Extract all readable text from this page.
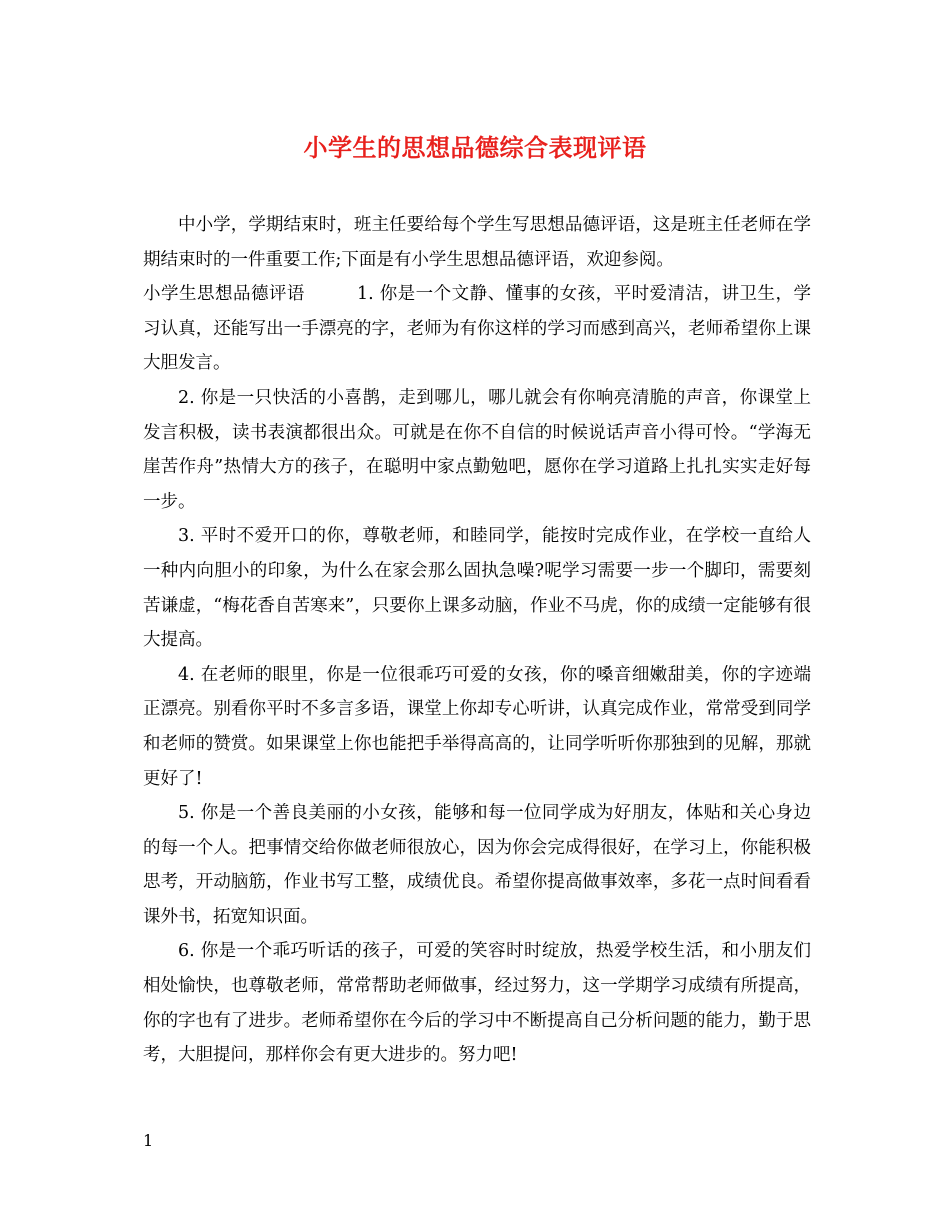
小学生的思想品德综合表现评语

中小学，学期结束时，班主任要给每个学生写思想品德评语，这是班主任老师在学期结束时的一件重要工作;下面是有小学生思想品德评语，欢迎参阅。

小学生思想品德评语	1. 你是一个文静、懂事的女孩，平时爱清洁，讲卫生，学习认真，还能写出一手漂亮的字，老师为有你这样的学习而感到高兴，老师希望你上课大胆发言。

2. 你是一只快活的小喜鹊，走到哪儿，哪儿就会有你响亮清脆的声音，你课堂上发言积极，读书表演都很出众。可就是在你不自信的时候说话声音小得可怜。“学海无崖苦作舟”热情大方的孩子，在聪明中家点勤勉吧，愿你在学习道路上扎扎实实走好每一步。

3. 平时不爱开口的你，尊敬老师，和睦同学，能按时完成作业，在学校一直给人一种内向胆小的印象，为什么在家会那么固执急噪?呢学习需要一步一个脚印，需要刻苦谦虚，“梅花香自苦寒来”，只要你上课多动脑，作业不马虎，你的成绩一定能够有很大提高。

4. 在老师的眼里，你是一位很乖巧可爱的女孩，你的嗓音细嫩甜美，你的字迹端正漂亮。别看你平时不多言多语，课堂上你却专心听讲，认真完成作业，常常受到同学和老师的赞赏。如果课堂上你也能把手举得高高的，让同学听听你那独到的见解，那就更好了!

5. 你是一个善良美丽的小女孩，能够和每一位同学成为好朋友，体贴和关心身边的每一个人。把事情交给你做老师很放心，因为你会完成得很好，在学习上，你能积极思考，开动脑筋，作业书写工整，成绩优良。希望你提高做事效率，多花一点时间看看课外书，拓宽知识面。

6. 你是一个乖巧听话的孩子，可爱的笑容时时绽放，热爱学校生活，和小朋友们相处愉快，也尊敬老师，常常帮助老师做事，经过努力，这一学期学习成绩有所提高，你的字也有了进步。老师希望你在今后的学习中不断提高自己分析问题的能力，勤于思考，大胆提问，那样你会有更大进步的。努力吧!

1
